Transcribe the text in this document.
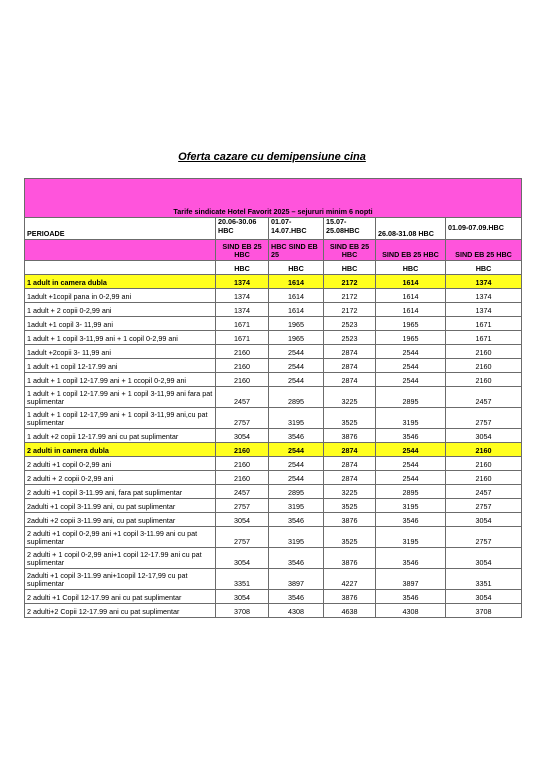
Oferta cazare cu demipensiune cina

Tarife sindicate Hotel Favorit 2025 – sejururi minim 6 nopti					
PERIOADE	20.06-30.06 HBC	01.07-14.07.HBC	15.07-25.08HBC	26.08-31.08 HBC	01.09-07.09.HBC
	SIND EB 25 HBC	HBC SIND EB 25	SIND EB 25 HBC	SIND EB 25 HBC	SIND EB 25 HBC
	HBC	HBC	HBC	HBC	HBC
1 adult in camera dubla	1374	1614	2172	1614	1374
1adult +1copil pana in 0-2,99 ani	1374	1614	2172	1614	1374
1 adult + 2 copii 0-2,99 ani	1374	1614	2172	1614	1374
1adult +1 copil 3- 11,99 ani	1671	1965	2523	1965	1671
1 adult + 1 copil 3-11,99 ani + 1 copil 0-2,99 ani	1671	1965	2523	1965	1671
1adult +2copii 3- 11,99 ani	2160	2544	2874	2544	2160
1 adult +1 copil 12-17.99 ani	2160	2544	2874	2544	2160
1 adult + 1 copil 12-17.99 ani + 1 ccopil 0-2,99 ani	2160	2544	2874	2544	2160
1 adult + 1 copil 12-17.99 ani + 1 copil 3-11,99 ani fara pat suplimentar	2457	2895	3225	2895	2457
1 adult + 1 copil 12-17,99 ani + 1 copil 3-11,99 ani,cu pat suplimentar	2757	3195	3525	3195	2757
1 adult +2 copii 12-17.99 ani cu pat suplimentar	3054	3546	3876	3546	3054
2 adulti in camera dubla	2160	2544	2874	2544	2160
2 adulti +1 copil 0-2,99 ani	2160	2544	2874	2544	2160
2 adulti + 2 copii 0-2,99 ani	2160	2544	2874	2544	2160
2 adulti +1 copil 3-11.99 ani, fara pat suplimentar	2457	2895	3225	2895	2457
2adulti +1 copil 3-11.99 ani, cu pat suplimentar	2757	3195	3525	3195	2757
2adulti +2 copii 3-11.99 ani, cu pat suplimentar	3054	3546	3876	3546	3054
2 adulti +1 copil 0-2,99 ani +1 copil 3-11.99 ani cu pat suplimentar	2757	3195	3525	3195	2757
2 adulti + 1 copil 0-2,99 ani+1 copil 12-17.99 ani cu pat suplimentar	3054	3546	3876	3546	3054
2adulti +1 copil 3-11.99 ani+1copil 12-17,99 cu pat suplimentar	3351	3897	4227	3897	3351
2 adulti +1 Copil 12-17.99 ani cu pat suplimentar	3054	3546	3876	3546	3054
2 adulti+2 Copii 12-17.99 ani cu pat suplimentar	3708	4308	4638	4308	3708
